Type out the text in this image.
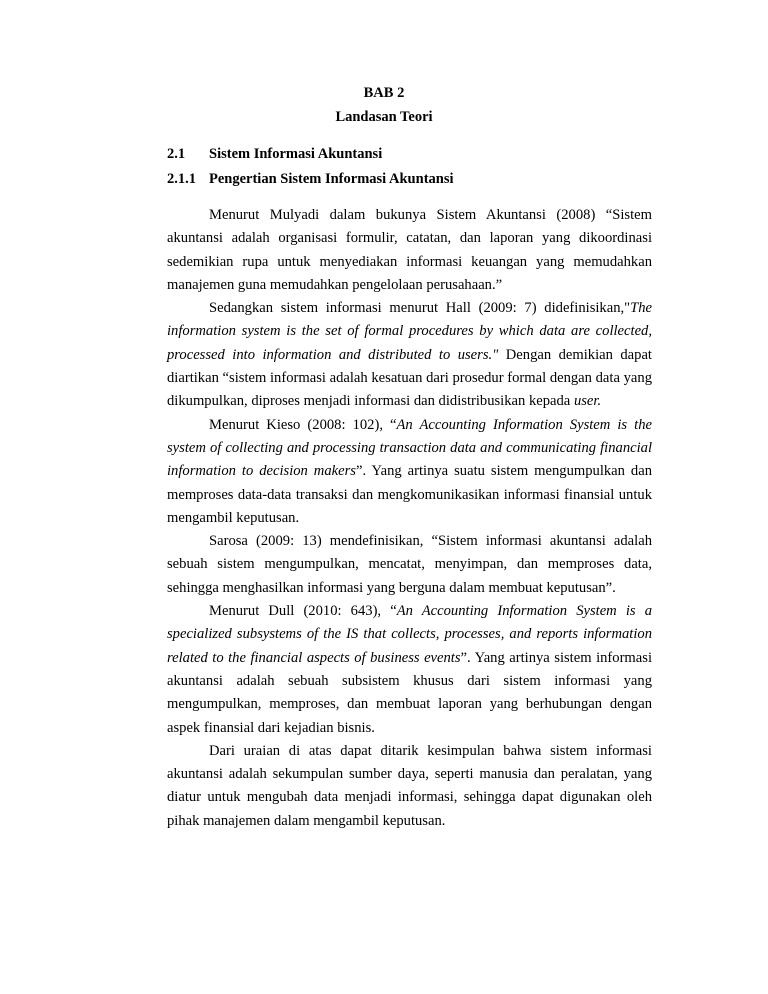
BAB 2
Landasan Teori
2.1 Sistem Informasi Akuntansi
2.1.1 Pengertian Sistem Informasi Akuntansi

Menurut Mulyadi dalam bukunya Sistem Akuntansi (2008) “Sistem akuntansi adalah organisasi formulir, catatan, dan laporan yang dikoordinasi sedemikian rupa untuk menyediakan informasi keuangan yang memudahkan manajemen guna memudahkan pengelolaan perusahaan.”

Sedangkan sistem informasi menurut Hall (2009: 7) didefinisikan,"The information system is the set of formal procedures by which data are collected, processed into information and distributed to users." Dengan demikian dapat diartikan “sistem informasi adalah kesatuan dari prosedur formal dengan data yang dikumpulkan, diproses menjadi informasi dan didistribusikan kepada user.

Menurut Kieso (2008: 102), “An Accounting Information System is the system of collecting and processing transaction data and communicating financial information to decision makers”. Yang artinya suatu sistem mengumpulkan dan memproses data-data transaksi dan mengkomunikasikan informasi finansial untuk mengambil keputusan.

Sarosa (2009: 13) mendefinisikan, “Sistem informasi akuntansi adalah sebuah sistem mengumpulkan, mencatat, menyimpan, dan memproses data, sehingga menghasilkan informasi yang berguna dalam membuat keputusan”.

Menurut Dull (2010: 643), “An Accounting Information System is a specialized subsystems of the IS that collects, processes, and reports information related to the financial aspects of business events”. Yang artinya sistem informasi akuntansi adalah sebuah subsistem khusus dari sistem informasi yang mengumpulkan, memproses, dan membuat laporan yang berhubungan dengan aspek finansial dari kejadian bisnis.

Dari uraian di atas dapat ditarik kesimpulan bahwa sistem informasi akuntansi adalah sekumpulan sumber daya, seperti manusia dan peralatan, yang diatur untuk mengubah data menjadi informasi, sehingga dapat digunakan oleh pihak manajemen dalam mengambil keputusan.
